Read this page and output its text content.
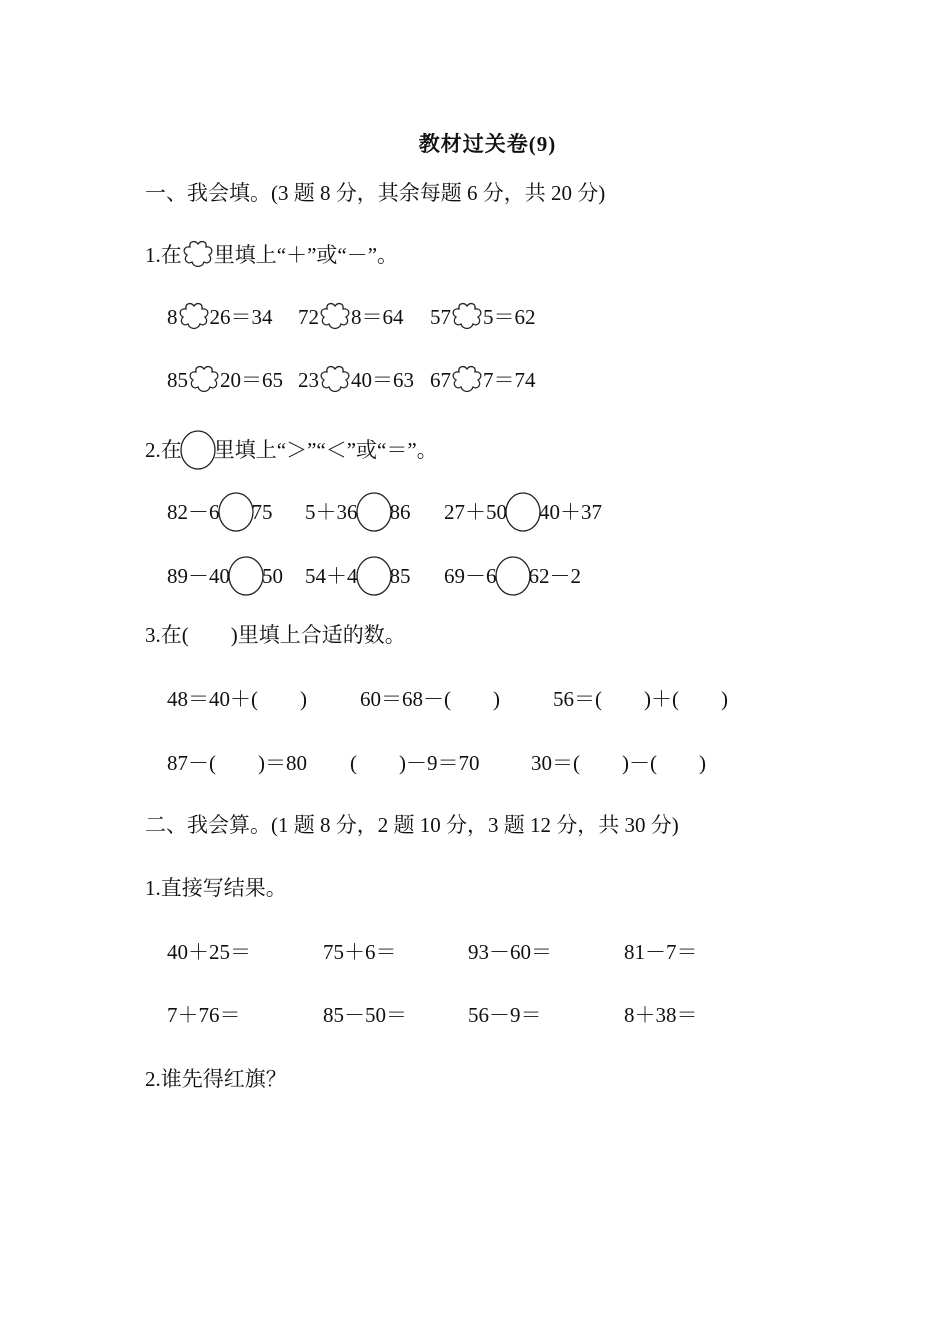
教材过关卷(9)
一、我会填。(3 题 8 分，其余每题 6 分，共 20 分)
1.在 里填上“＋”或“－”。
8 26＝34 72 8＝64 57 5＝62
85 20＝65 23 40＝63 67 7＝74
2.在 里填上“＞”“＜”或“＝”。
82－6 75 5＋36 86 27＋50 40＋37
89－40 50 54＋4 85 69－6 62－2
3.在(　　)里填上合适的数。
48＝40＋(　　)	60＝68－(　　)	56＝(　　)＋(　　)
87－(　　)＝80 (　　)－9＝70 30＝(　　)－(　　)
二、我会算。(1 题 8 分，2 题 10 分，3 题 12 分，共 30 分)
1.直接写结果。
40＋25＝	75＋6＝	93－60＝	81－7＝
7＋76＝	85－50＝	56－9＝	8＋38＝
2.谁先得红旗？
